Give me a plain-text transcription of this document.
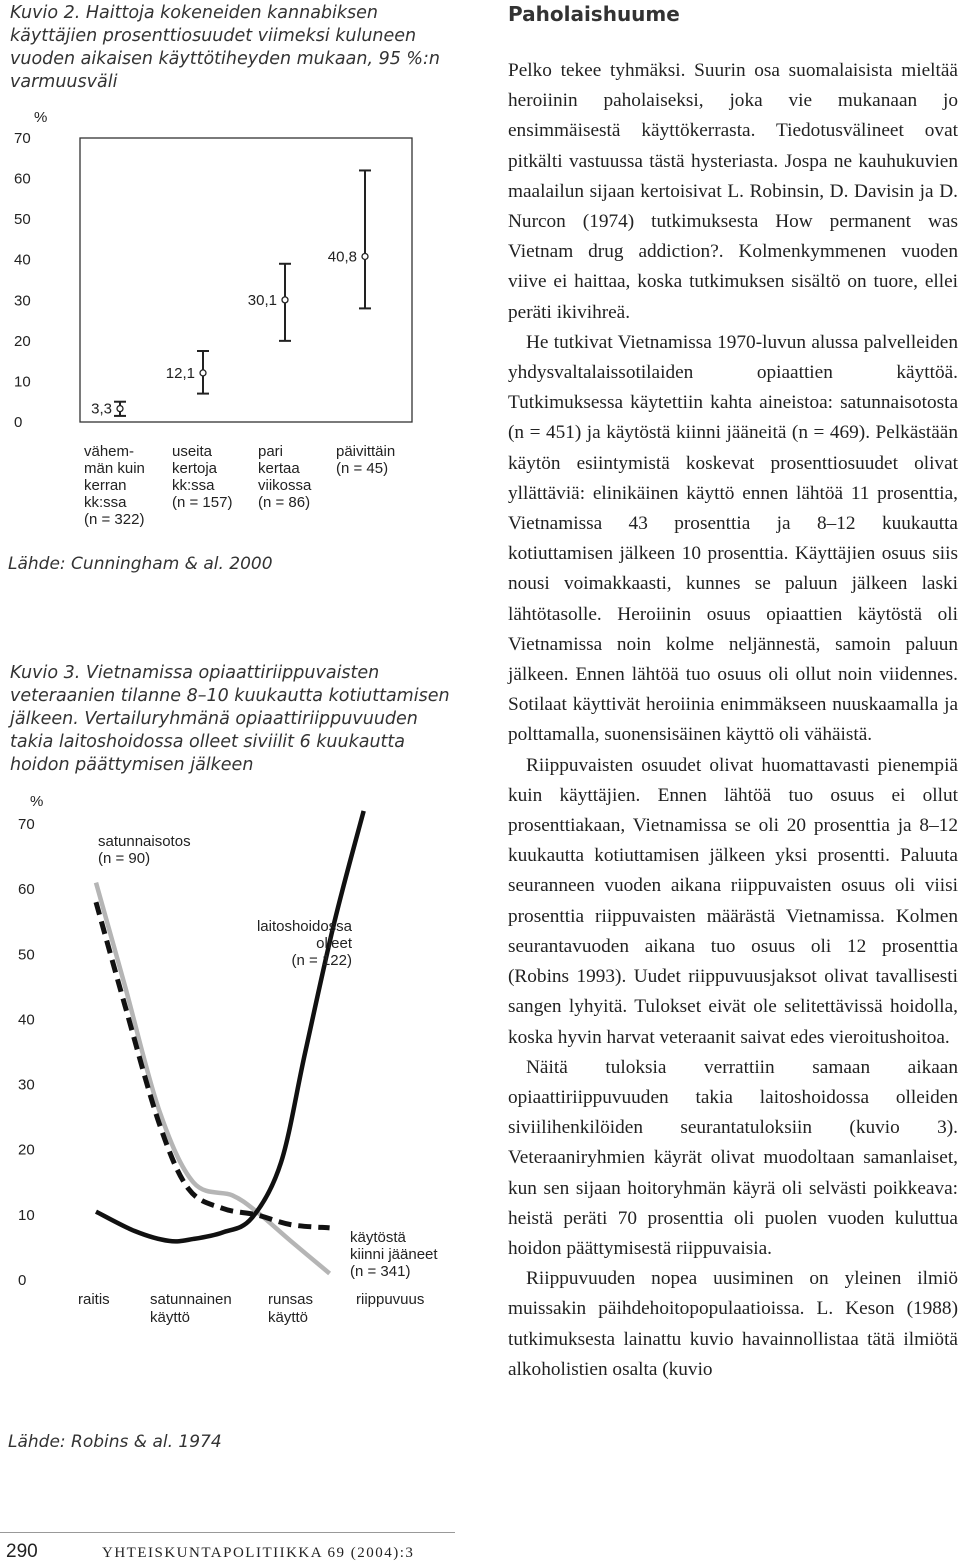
Kuvio 2. Haittoja kokeneiden kannabiksen käyttäjien prosenttiosuudet viimeksi kuluneen vuoden aikaisen käyttötiheyden mukaan, 95 %:n varmuusväli
%
0
10
20
30
40
50
60
70
3,3
vähem-
män kuin
kerran
kk:ssa
(n = 322)
12,1
useita
kertoja
kk:ssa
(n = 157)
30,1
pari
kertaa
viikossa
(n = 86)
40,8
päivittäin
(n = 45)
Lähde: Cunningham & al. 2000
Kuvio 3. Vietnamissa opiaattiriippuvaisten veteraanien tilanne 8–10 kuukautta kotiuttamisen jälkeen. Vertailuryhmänä opiaattiriippuvuuden takia laitoshoidossa olleet siviilit 6 kuukautta hoidon päättymisen jälkeen
%
0
10
20
30
40
50
60
70
raitis	satunnainen
käyttö
runsas
käyttö
riippuvuus
satunnaisotos
(n = 90)
laitoshoidossa
olleet
(n = 122)
käytöstä
kiinni jääneet
(n = 341)
Lähde: Robins & al. 1974
Paholaishuume

Pelko tekee tyhmäksi. Suurin osa suomalaisista mieltää heroiinin paholaiseksi, joka vie mukanaan jo ensimmäisestä käyttökerrasta. Tiedotusvälineet ovat pitkälti vastuussa tästä hysteriasta. Jospa ne kauhukuvien maalailun sijaan kertoisivat L. Robinsin, D. Davisin ja D. Nurcon (1974) tutkimuksesta How permanent was Vietnam drug addiction?. Kolmenkymmenen vuoden viive ei haittaa, koska tutkimuksen sisältö on tuore, ellei peräti ikivihreä.

He tutkivat Vietnamissa 1970-luvun alussa palvelleiden yhdysvaltalaissotilaiden opiaattien käyttöä. Tutkimuksessa käytettiin kahta aineistoa: satunnaisotosta (n = 451) ja käytöstä kiinni jääneitä (n = 469). Pelkästään käytön esiintymistä koskevat prosenttiosuudet olivat yllättäviä: elinikäinen käyttö ennen lähtöä 11 prosenttia, Vietnamissa 43 prosenttia ja 8–12 kuukautta kotiuttamisen jälkeen 10 prosenttia. Käyttäjien osuus siis nousi voimakkaasti, kunnes se paluun jälkeen laski lähtötasolle. Heroiinin osuus opiaattien käytöstä oli Vietnamissa noin kolme neljännestä, samoin paluun jälkeen. Ennen lähtöä tuo osuus oli ollut noin viidennes. Sotilaat käyttivät heroiinia enimmäkseen nuuskaamalla ja polttamalla, suonensisäinen käyttö oli vähäistä.

Riippuvaisten osuudet olivat huomattavasti pienempiä kuin käyttäjien. Ennen lähtöä tuo osuus ei ollut prosenttiakaan, Vietnamissa se oli 20 prosenttia ja 8–12 kuukautta kotiuttamisen jälkeen yksi prosentti. Paluuta seuranneen vuoden aikana riippuvaisten osuus oli viisi prosenttia riippuvaisten määrästä Vietnamissa. Kolmen seurantavuoden aikana tuo osuus oli 12 prosenttia (Robins 1993). Uudet riippuvuusjaksot olivat tavallisesti sangen lyhyitä. Tulokset eivät ole selitettävissä hoidolla, koska hyvin harvat veteraanit saivat edes vieroitushoitoa.

Näitä tuloksia verrattiin samaan aikaan opiaattiriippuvuuden takia laitoshoidossa olleiden siviilihenkilöiden seurantatuloksiin (kuvio 3). Veteraaniryhmien käyrät olivat muodoltaan samanlaiset, kun sen sijaan hoitoryhmän käyrä oli selvästi poikkeava: heistä peräti 70 prosenttia oli puolen vuoden kuluttua hoidon päättymisestä riippuvaisia.

Riippuvuuden nopea uusiminen on yleinen ilmiö muissakin päihdehoitopopulaatioissa. L. Keson (1988) tutkimuksesta lainattu kuvio havainnollistaa tätä ilmiötä alkoholistien osalta (kuvio

290	YHTEISKUNTAPOLITIIKKA 69 (2004):3
